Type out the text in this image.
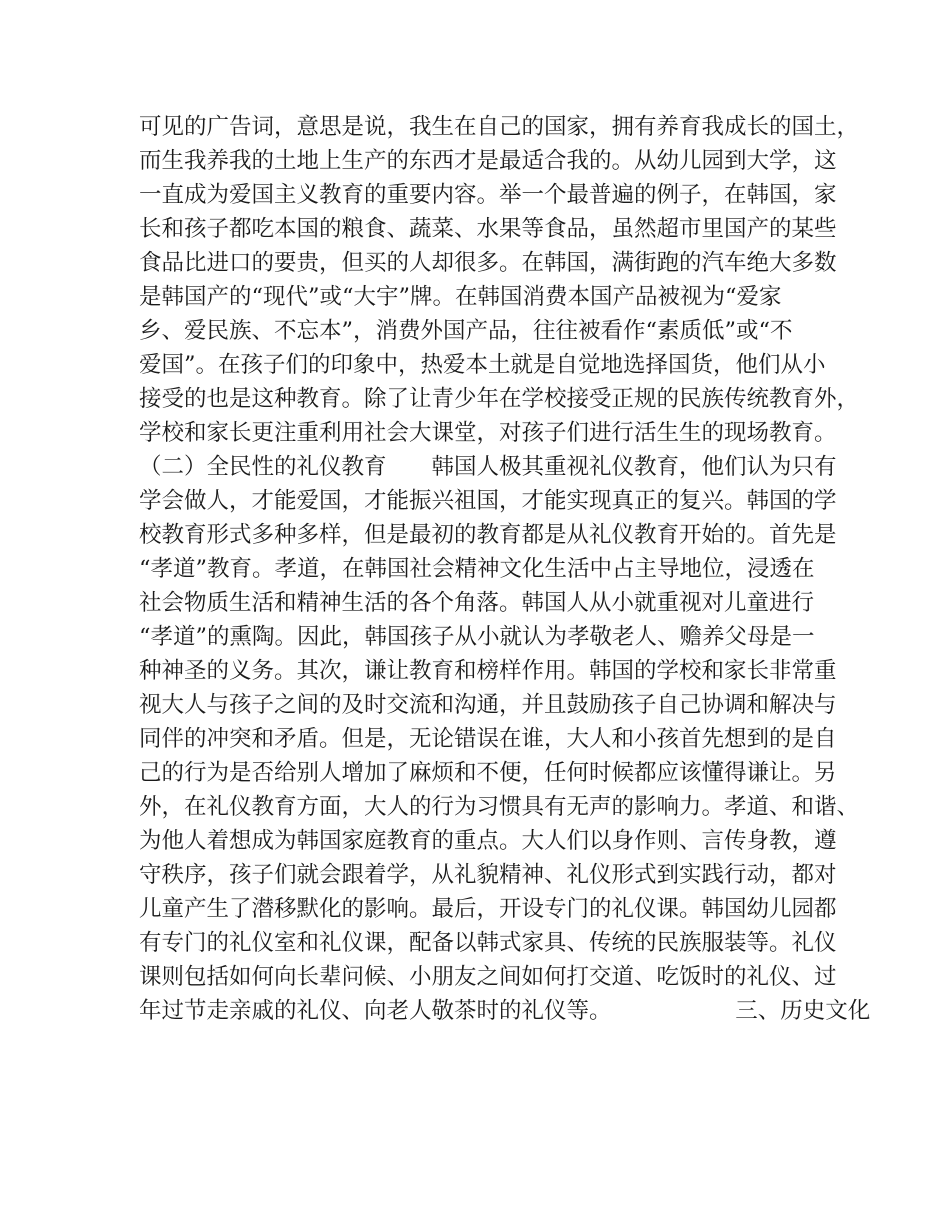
可见的广告词，意思是说，我生在自己的国家，拥有养育我成长的国土，
而生我养我的土地上生产的东西才是最适合我的。从幼儿园到大学，这
一直成为爱国主义教育的重要内容。举一个最普遍的例子，在韩国，家
长和孩子都吃本国的粮食、蔬菜、水果等食品，虽然超市里国产的某些
食品比进口的要贵，但买的人却很多。在韩国，满街跑的汽车绝大多数
是韩国产的“现代”或“大宇”牌。在韩国消费本国产品被视为“爱家
乡、爱民族、不忘本”，消费外国产品，往往被看作“素质低”或“不
爱国”。在孩子们的印象中，热爱本土就是自觉地选择国货，他们从小
接受的也是这种教育。除了让青少年在学校接受正规的民族传统教育外，
学校和家长更注重利用社会大课堂，对孩子们进行活生生的现场教育。
（二）全民性的礼仪教育　　韩国人极其重视礼仪教育，他们认为只有
学会做人，才能爱国，才能振兴祖国，才能实现真正的复兴。韩国的学
校教育形式多种多样，但是最初的教育都是从礼仪教育开始的。首先是
“孝道”教育。孝道，在韩国社会精神文化生活中占主导地位，浸透在
社会物质生活和精神生活的各个角落。韩国人从小就重视对儿童进行
“孝道”的熏陶。因此，韩国孩子从小就认为孝敬老人、赡养父母是一
种神圣的义务。其次，谦让教育和榜样作用。韩国的学校和家长非常重
视大人与孩子之间的及时交流和沟通，并且鼓励孩子自己协调和解决与
同伴的冲突和矛盾。但是，无论错误在谁，大人和小孩首先想到的是自
己的行为是否给别人增加了麻烦和不便，任何时候都应该懂得谦让。另
外，在礼仪教育方面，大人的行为习惯具有无声的影响力。孝道、和谐、
为他人着想成为韩国家庭教育的重点。大人们以身作则、言传身教，遵
守秩序，孩子们就会跟着学，从礼貌精神、礼仪形式到实践行动，都对
儿童产生了潜移默化的影响。最后，开设专门的礼仪课。韩国幼儿园都
有专门的礼仪室和礼仪课，配备以韩式家具、传统的民族服装等。礼仪
课则包括如何向长辈问候、小朋友之间如何打交道、吃饭时的礼仪、过
年过节走亲戚的礼仪、向老人敬茶时的礼仪等。　　　　　　三、历史文化
